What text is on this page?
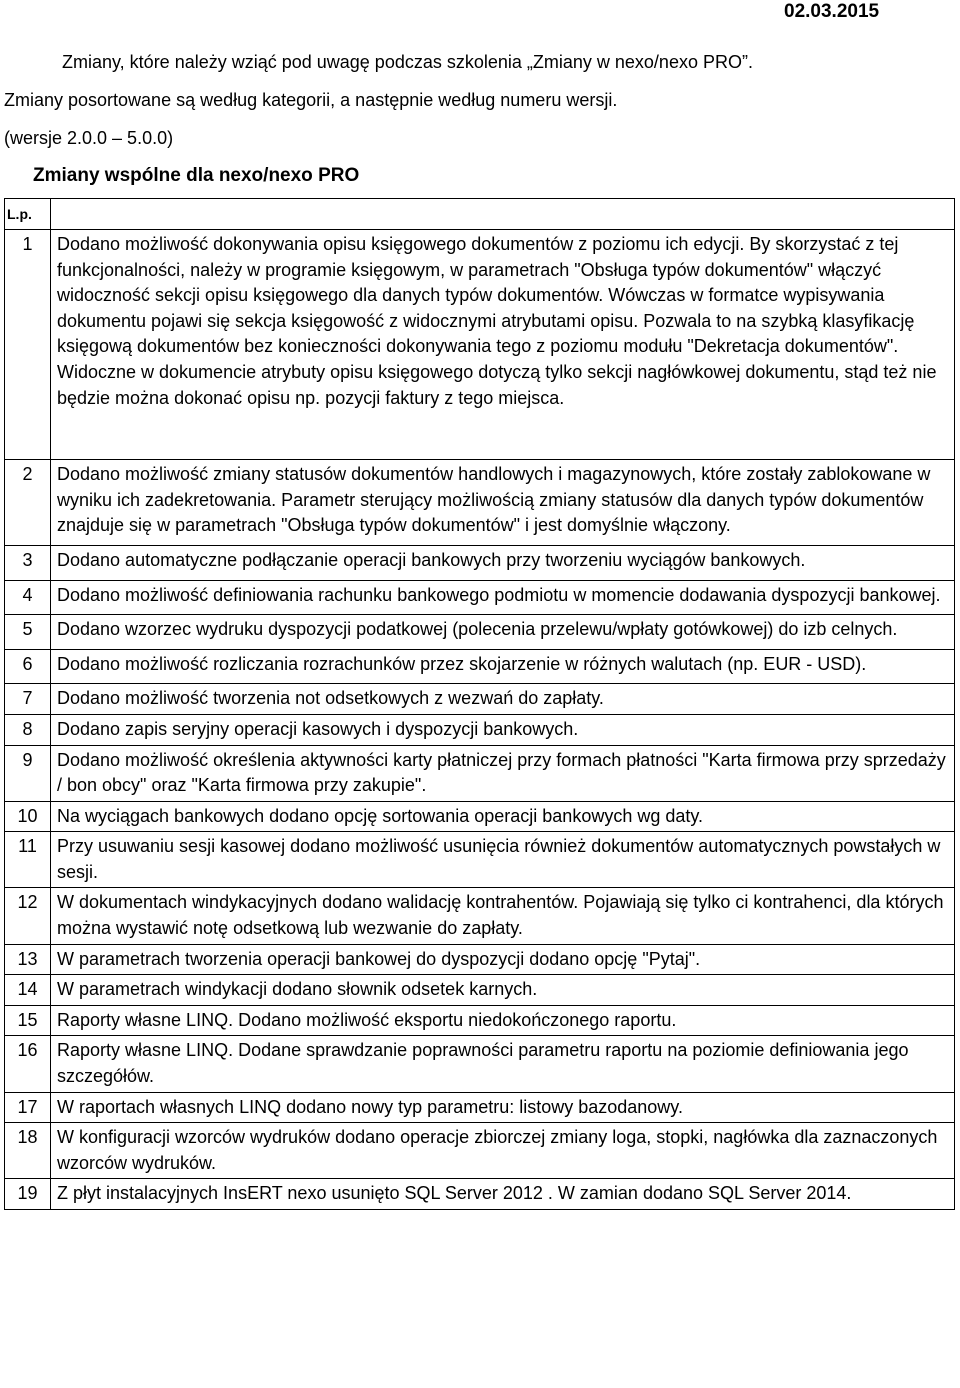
02.03.2015
Zmiany, które należy wziąć pod uwagę podczas szkolenia „Zmiany w nexo/nexo PRO”.
Zmiany posortowane są według kategorii, a następnie według numeru wersji.
(wersje 2.0.0 – 5.0.0)
Zmiany wspólne dla nexo/nexo PRO
L.p.	
1	Dodano możliwość dokonywania opisu księgowego dokumentów z poziomu ich edycji. By skorzystać z tej funkcjonalności, należy w programie księgowym, w parametrach "Obsługa typów dokumentów" włączyć widoczność sekcji opisu księgowego dla danych typów dokumentów. Wówczas w formatce wypisywania dokumentu pojawi się sekcja księgowość z widocznymi atrybutami opisu. Pozwala to na szybką klasyfikację księgową dokumentów bez konieczności dokonywania tego z poziomu modułu "Dekretacja dokumentów". Widoczne w dokumencie atrybuty opisu księgowego dotyczą tylko sekcji nagłówkowej dokumentu, stąd też nie będzie można dokonać opisu np. pozycji faktury z tego miejsca.
2	Dodano możliwość zmiany statusów dokumentów handlowych i magazynowych, które zostały zablokowane w wyniku ich zadekretowania. Parametr sterujący możliwością zmiany statusów dla danych typów dokumentów znajduje się w parametrach "Obsługa typów dokumentów" i jest domyślnie włączony.
3	Dodano automatyczne podłączanie operacji bankowych przy tworzeniu wyciągów bankowych.
4	Dodano możliwość definiowania rachunku bankowego podmiotu w momencie dodawania dyspozycji bankowej.
5	Dodano wzorzec wydruku dyspozycji podatkowej (polecenia przelewu/wpłaty gotówkowej) do izb celnych.
6	Dodano możliwość rozliczania rozrachunków przez skojarzenie w różnych walutach (np. EUR - USD).
7	Dodano możliwość tworzenia not odsetkowych z wezwań do zapłaty.
8	Dodano zapis seryjny operacji kasowych i dyspozycji bankowych.
9	Dodano możliwość określenia aktywności karty płatniczej przy formach płatności "Karta firmowa przy sprzedaży / bon obcy" oraz "Karta firmowa przy zakupie".
10	Na wyciągach bankowych dodano opcję sortowania operacji bankowych wg daty.
11	Przy usuwaniu sesji kasowej dodano możliwość usunięcia również dokumentów automatycznych powstałych w sesji.
12	W dokumentach windykacyjnych dodano walidację kontrahentów. Pojawiają się tylko ci kontrahenci, dla których można wystawić notę odsetkową lub wezwanie do zapłaty.
13	W parametrach tworzenia operacji bankowej do dyspozycji dodano opcję "Pytaj".
14	W parametrach windykacji dodano słownik odsetek karnych.
15	Raporty własne LINQ. Dodano możliwość eksportu niedokończonego raportu.
16	Raporty własne LINQ. Dodane sprawdzanie poprawności parametru raportu na poziomie definiowania jego szczegółów.
17	W raportach własnych LINQ dodano nowy typ parametru: listowy bazodanowy.
18	W konfiguracji wzorców wydruków dodano operacje zbiorczej zmiany loga, stopki, nagłówka dla zaznaczonych wzorców wydruków.
19	Z płyt instalacyjnych InsERT nexo usunięto SQL Server 2012 . W zamian dodano SQL Server 2014.
